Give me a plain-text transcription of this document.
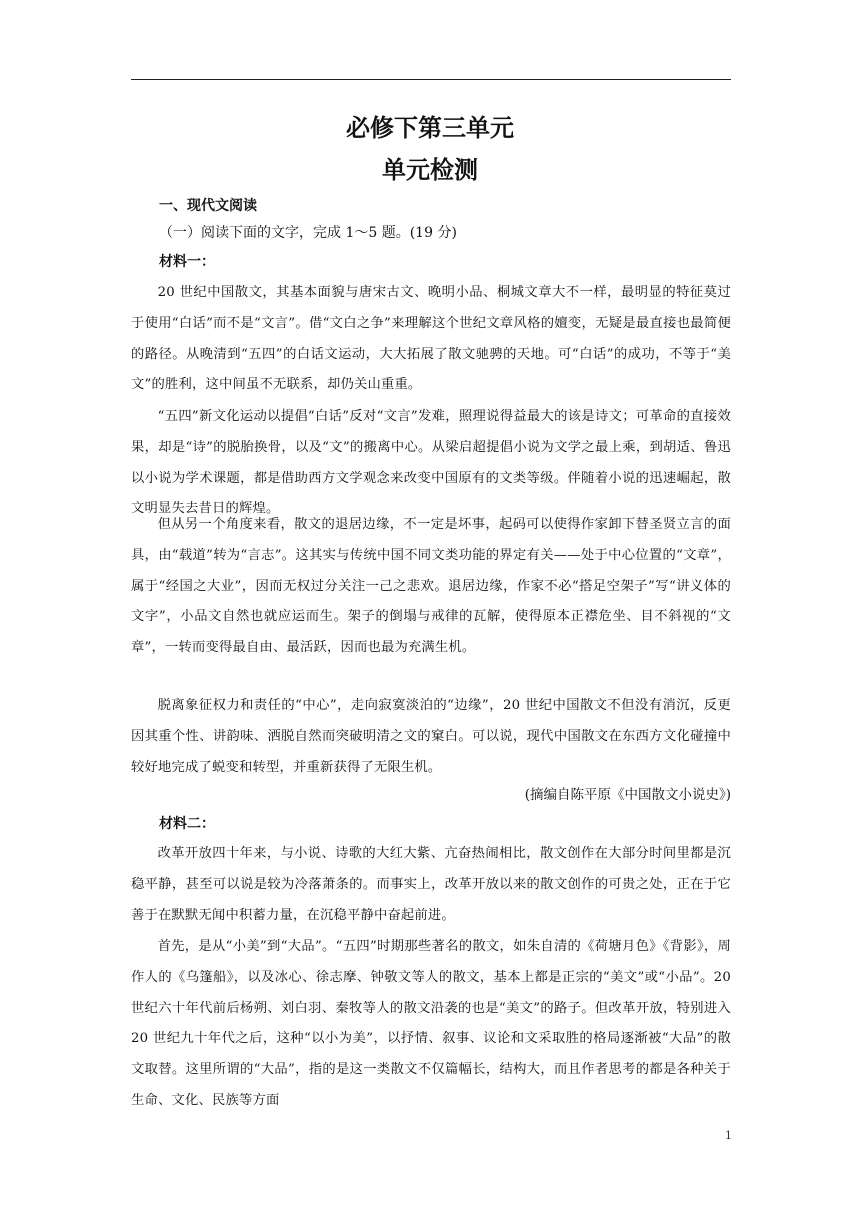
必修下第三单元
单元检测
一、现代文阅读
（一）阅读下面的文字，完成 1～5 题。(19 分)
材料一：

20 世纪中国散文，其基本面貌与唐宋古文、晚明小品、桐城文章大不一样，最明显的特征莫过于使用“白话”而不是“文言”。借“文白之争”来理解这个世纪文章风格的嬗变，无疑是最直接也最简便的路径。从晚清到“五四”的白话文运动，大大拓展了散文驰骋的天地。可“白话”的成功，不等于“美文”的胜利，这中间虽不无联系，却仍关山重重。

“五四”新文化运动以提倡“白话”反对“文言”发难，照理说得益最大的该是诗文；可革命的直接效果，却是“诗”的脱胎换骨，以及“文”的搬离中心。从梁启超提倡小说为文学之最上乘，到胡适、鲁迅以小说为学术课题，都是借助西方文学观念来改变中国原有的文类等级。伴随着小说的迅速崛起，散文明显失去昔日的辉煌。

但从另一个角度来看，散文的退居边缘，不一定是坏事，起码可以使得作家卸下替圣贤立言的面具，由“载道”转为“言志”。这其实与传统中国不同文类功能的界定有关——处于中心位置的“文章”，属于“经国之大业”，因而无权过分关注一己之悲欢。退居边缘，作家不必“搭足空架子”写“讲义体的文字”，小品文自然也就应运而生。架子的倒塌与戒律的瓦解，使得原本正襟危坐、目不斜视的“文章”，一转而变得最自由、最活跃，因而也最为充满生机。

脱离象征权力和责任的“中心”，走向寂寞淡泊的“边缘”，20 世纪中国散文不但没有消沉，反更因其重个性、讲韵味、洒脱自然而突破明清之文的窠白。可以说，现代中国散文在东西方文化碰撞中较好地完成了蜕变和转型，并重新获得了无限生机。

(摘编自陈平原《中国散文小说史》)
材料二：

改革开放四十年来，与小说、诗歌的大红大紫、亢奋热闹相比，散文创作在大部分时间里都是沉稳平静，甚至可以说是较为冷落萧条的。而事实上，改革开放以来的散文创作的可贵之处，正在于它善于在默默无闻中积蓄力量，在沉稳平静中奋起前进。

首先，是从“小美”到“大品”。“五四”时期那些著名的散文，如朱自清的《荷塘月色》《背影》，周作人的《乌篷船》，以及冰心、徐志摩、钟敬文等人的散文，基本上都是正宗的“美文”或“小品”。20 世纪六十年代前后杨朔、刘白羽、秦牧等人的散文沿袭的也是“美文”的路子。但改革开放，特别进入 20 世纪九十年代之后，这种“以小为美”，以抒情、叙事、议论和文采取胜的格局逐渐被“大品”的散文取替。这里所谓的“大品”，指的是这一类散文不仅篇幅长，结构大，而且作者思考的都是各种关于生命、文化、民族等方面

1
